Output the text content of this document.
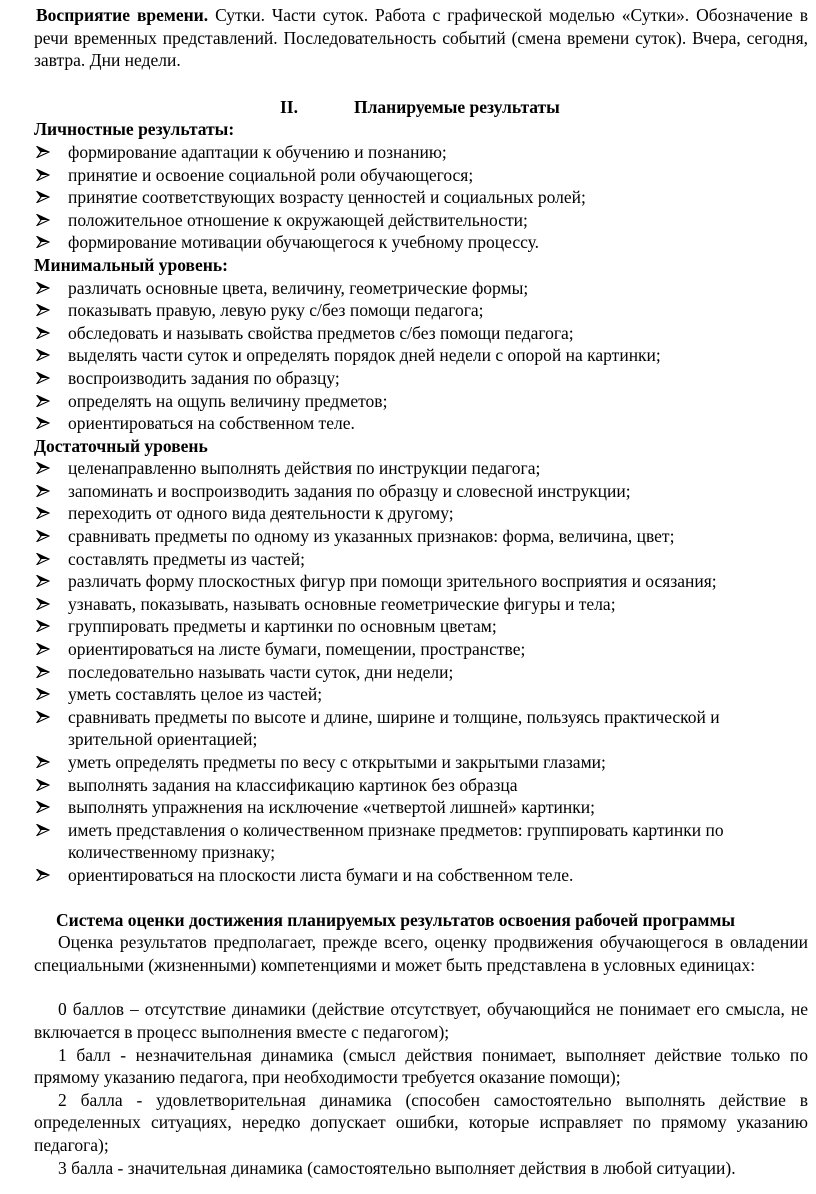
Восприятие времени. Сутки. Части суток. Работа с графической моделью «Сутки». Обозначение в речи временных представлений. Последовательность событий (смена времени суток). Вчера, сегодня, завтра. Дни недели.

II.	Планируемые результаты

Личностные результаты:

формирование адаптации к обучению и познанию;
принятие и освоение социальной роли обучающегося;
принятие соответствующих возрасту ценностей и социальных ролей;
положительное отношение к окружающей действительности;
формирование мотивации обучающегося к учебному процессу.

Минимальный уровень:

различать основные цвета, величину, геометрические формы;
показывать правую, левую руку с/без помощи педагога;
обследовать и называть свойства предметов с/без помощи педагога;
выделять части суток и определять порядок дней недели с опорой на картинки;
воспроизводить задания по образцу;
определять на ощупь величину предметов;
ориентироваться на собственном теле.

Достаточный уровень

целенаправленно выполнять действия по инструкции педагога;
запоминать и воспроизводить задания по образцу и словесной инструкции;
переходить от одного вида деятельности к другому;
сравнивать предметы по одному из указанных признаков: форма, величина, цвет;
составлять предметы из частей;
различать форму плоскостных фигур при помощи зрительного восприятия и осязания;
узнавать, показывать, называть основные геометрические фигуры и тела;
группировать предметы и картинки по основным цветам;
ориентироваться на листе бумаги, помещении, пространстве;
последовательно называть части суток, дни недели;
уметь составлять целое из частей;
сравнивать предметы по высоте и длине, ширине и толщине, пользуясь практической и зрительной ориентацией;
уметь определять предметы по весу с открытыми и закрытыми глазами;
выполнять задания на классификацию картинок без образца
выполнять упражнения на исключение «четвертой лишней» картинки;
иметь представления о количественном признаке предметов: группировать картинки по количественному признаку;
ориентироваться на плоскости листа бумаги и на собственном теле.

Система оценки достижения планируемых результатов освоения рабочей программы

Оценка результатов предполагает, прежде всего, оценку продвижения обучающегося в овладении специальными (жизненными) компетенциями и может быть представлена в условных единицах:

0 баллов – отсутствие динамики (действие отсутствует, обучающийся не понимает его смысла, не включается в процесс выполнения вместе с педагогом);

1 балл - незначительная динамика (смысл действия понимает, выполняет действие только по прямому указанию педагога, при необходимости требуется оказание помощи);

2 балла - удовлетворительная динамика (способен самостоятельно выполнять действие в определенных ситуациях, нередко допускает ошибки, которые исправляет по прямому указанию педагога);

3 балла - значительная динамика (самостоятельно выполняет действия в любой ситуации).
